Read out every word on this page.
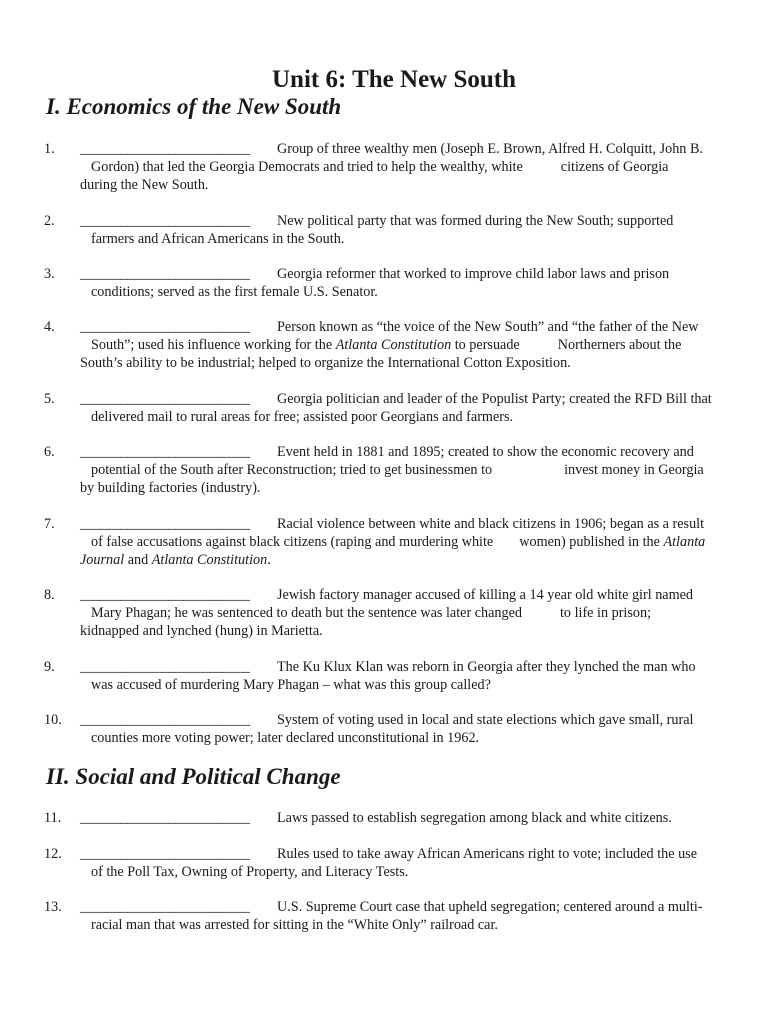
Unit 6: The New South
I. Economics of the New South
1. _________________________ Group of three wealthy men (Joseph E. Brown, Alfred H. Colquitt, John B.
Gordon) that led the Georgia Democrats and tried to help the wealthy, white	citizens of Georgia
during the New South.
2. _________________________ New political party that was formed during the New South; supported
farmers and African Americans in the South.
3. _________________________ Georgia reformer that worked to improve child labor laws and prison
conditions; served as the first female U.S. Senator.
4. _________________________ Person known as “the voice of the New South” and “the father of the New
South”; used his influence working for the Atlanta Constitution to persuade	Northerners about the
South’s ability to be industrial; helped to organize the International Cotton Exposition.
5. _________________________ Georgia politician and leader of the Populist Party; created the RFD Bill that
delivered mail to rural areas for free; assisted poor Georgians and farmers.
6. _________________________ Event held in 1881 and 1895; created to show the economic recovery and
potential of the South after Reconstruction; tried to get businessmen to	invest money in Georgia
by building factories (industry).
7. _________________________ Racial violence between white and black citizens in 1906; began as a result
of false accusations against black citizens (raping and murdering white women) published in the Atlanta
Journal and Atlanta Constitution.
8. _________________________ Jewish factory manager accused of killing a 14 year old white girl named
Mary Phagan; he was sentenced to death but the sentence was later changed	to life in prison;
kidnapped and lynched (hung) in Marietta.
9. _________________________ The Ku Klux Klan was reborn in Georgia after they lynched the man who
was accused of murdering Mary Phagan – what was this group called?
10. _________________________ System of voting used in local and state elections which gave small, rural
counties more voting power; later declared unconstitutional in 1962.
II. Social and Political Change
11. _________________________ Laws passed to establish segregation among black and white citizens.
12. _________________________ Rules used to take away African Americans right to vote; included the use
of the Poll Tax, Owning of Property, and Literacy Tests.
13. _________________________ U.S. Supreme Court case that upheld segregation; centered around a multi-
racial man that was arrested for sitting in the “White Only” railroad car.
